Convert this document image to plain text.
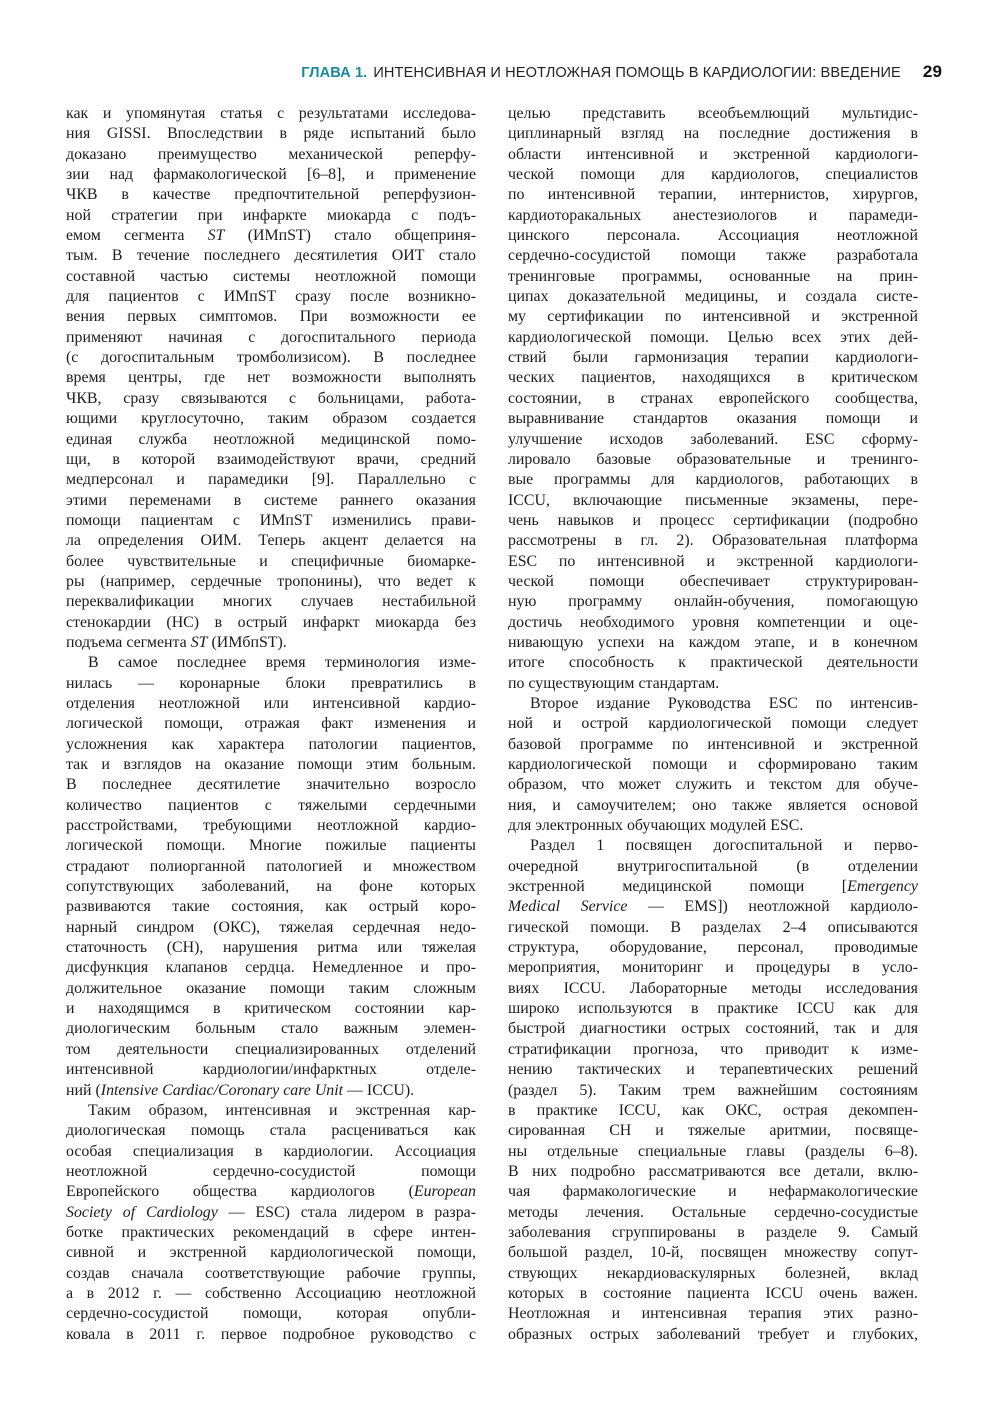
ГЛАВА 1. ИНТЕНСИВНАЯ И НЕОТЛОЖНАЯ ПОМОЩЬ В КАРДИОЛОГИИ: ВВЕДЕНИЕ 29
как и упомянутая статья с результатами исследова-
ния GISSI. Впоследствии в ряде испытаний было
доказано преимущество механической реперфу-
зии над фармакологической [6–8], и применение
ЧКВ в качестве предпочтительной реперфузион-
ной стратегии при инфаркте миокарда с подъ-
емом сегмента ST (ИМпST) стало общеприня-
тым. В течение последнего десятилетия ОИТ стало
составной частью системы неотложной помощи
для пациентов с ИМпST сразу после возникно-
вения первых симптомов. При возможности ее
применяют начиная с догоспитального периода
(с догоспитальным тромболизисом). В последнее
время центры, где нет возможности выполнять
ЧКВ, сразу связываются с больницами, работа-
ющими круглосуточно, таким образом создается
единая служба неотложной медицинской помо-
щи, в которой взаимодействуют врачи, средний
медперсонал и парамедики [9]. Параллельно с
этими переменами в системе раннего оказания
помощи пациентам с ИМпST изменились прави-
ла определения ОИМ. Теперь акцент делается на
более чувствительные и специфичные биомарке-
ры (например, сердечные тропонины), что ведет к
переквалификации многих случаев нестабильной
стенокардии (НС) в острый инфаркт миокарда без
подъема сегмента ST (ИМбпST).
В самое последнее время терминология изме-
нилась — коронарные блоки превратились в
отделения неотложной или интенсивной кардио-
логической помощи, отражая факт изменения и
усложнения как характера патологии пациентов,
так и взглядов на оказание помощи этим больным.
В последнее десятилетие значительно возросло
количество пациентов с тяжелыми сердечными
расстройствами, требующими неотложной кардио-
логической помощи. Многие пожилые пациенты
страдают полиорганной патологией и множеством
сопутствующих заболеваний, на фоне которых
развиваются такие состояния, как острый коро-
нарный синдром (ОКС), тяжелая сердечная недо-
статочность (СН), нарушения ритма или тяжелая
дисфункция клапанов сердца. Немедленное и про-
должительное оказание помощи таким сложным
и находящимся в критическом состоянии кар-
диологическим больным стало важным элемен-
том деятельности специализированных отделений
интенсивной кардиологии/инфарктных отделе-
ний (Intensive Cardiac/Coronary care Unit — ICCU).
Таким образом, интенсивная и экстренная кар-
диологическая помощь стала расцениваться как
особая специализация в кардиологии. Ассоциация
неотложной сердечно-сосудистой помощи
Европейского общества кардиологов (European
Society of Cardiology — ESC) стала лидером в разра-
ботке практических рекомендаций в сфере интен-
сивной и экстренной кардиологической помощи,
создав сначала соответствующие рабочие группы,
а в 2012 г. — собственно Ассоциацию неотложной
сердечно-сосудистой помощи, которая опубли-
ковала в 2011 г. первое подробное руководство с
целью представить всеобъемлющий мультидис-
циплинарный взгляд на последние достижения в
области интенсивной и экстренной кардиологи-
ческой помощи для кардиологов, специалистов
по интенсивной терапии, интернистов, хирургов,
кардиоторакальных анестезиологов и парамеди-
цинского персонала. Ассоциация неотложной
сердечно-сосудистой помощи также разработала
тренинговые программы, основанные на прин-
ципах доказательной медицины, и создала систе-
му сертификации по интенсивной и экстренной
кардиологической помощи. Целью всех этих дей-
ствий были гармонизация терапии кардиологи-
ческих пациентов, находящихся в критическом
состоянии, в странах европейского сообщества,
выравнивание стандартов оказания помощи и
улучшение исходов заболеваний. ESC сформу-
лировало базовые образовательные и тренинго-
вые программы для кардиологов, работающих в
ICCU, включающие письменные экзамены, пере-
чень навыков и процесс сертификации (подробно
рассмотрены в гл. 2). Образовательная платформа
ESC по интенсивной и экстренной кардиологи-
ческой помощи обеспечивает структурирован-
ную программу онлайн-обучения, помогающую
достичь необходимого уровня компетенции и оце-
нивающую успехи на каждом этапе, и в конечном
итоге способность к практической деятельности
по существующим стандартам.
Второе издание Руководства ESC по интенсив-
ной и острой кардиологической помощи следует
базовой программе по интенсивной и экстренной
кардиологической помощи и сформировано таким
образом, что может служить и текстом для обуче-
ния, и самоучителем; оно также является основой
для электронных обучающих модулей ESC.
Раздел 1 посвящен догоспитальной и перво-
очередной внутригоспитальной (в отделении
экстренной медицинской помощи [Emergency
Medical Service — EMS]) неотложной кардиоло-
гической помощи. В разделах 2–4 описываются
структура, оборудование, персонал, проводимые
мероприятия, мониторинг и процедуры в усло-
виях ICCU. Лабораторные методы исследования
широко используются в практике ICCU как для
быстрой диагностики острых состояний, так и для
стратификации прогноза, что приводит к изме-
нению тактических и терапевтических решений
(раздел 5). Таким трем важнейшим состояниям
в практике ICCU, как ОКС, острая декомпен-
сированная СН и тяжелые аритмии, посвяще-
ны отдельные специальные главы (разделы 6–8).
В них подробно рассматриваются все детали, вклю-
чая фармакологические и нефармакологические
методы лечения. Остальные сердечно-сосудистые
заболевания сгруппированы в разделе 9. Самый
большой раздел, 10-й, посвящен множеству сопут-
ствующих некардиоваскулярных болезней, вклад
которых в состояние пациента ICCU очень важен.
Неотложная и интенсивная терапия этих разно-
образных острых заболеваний требует и глубоких,
